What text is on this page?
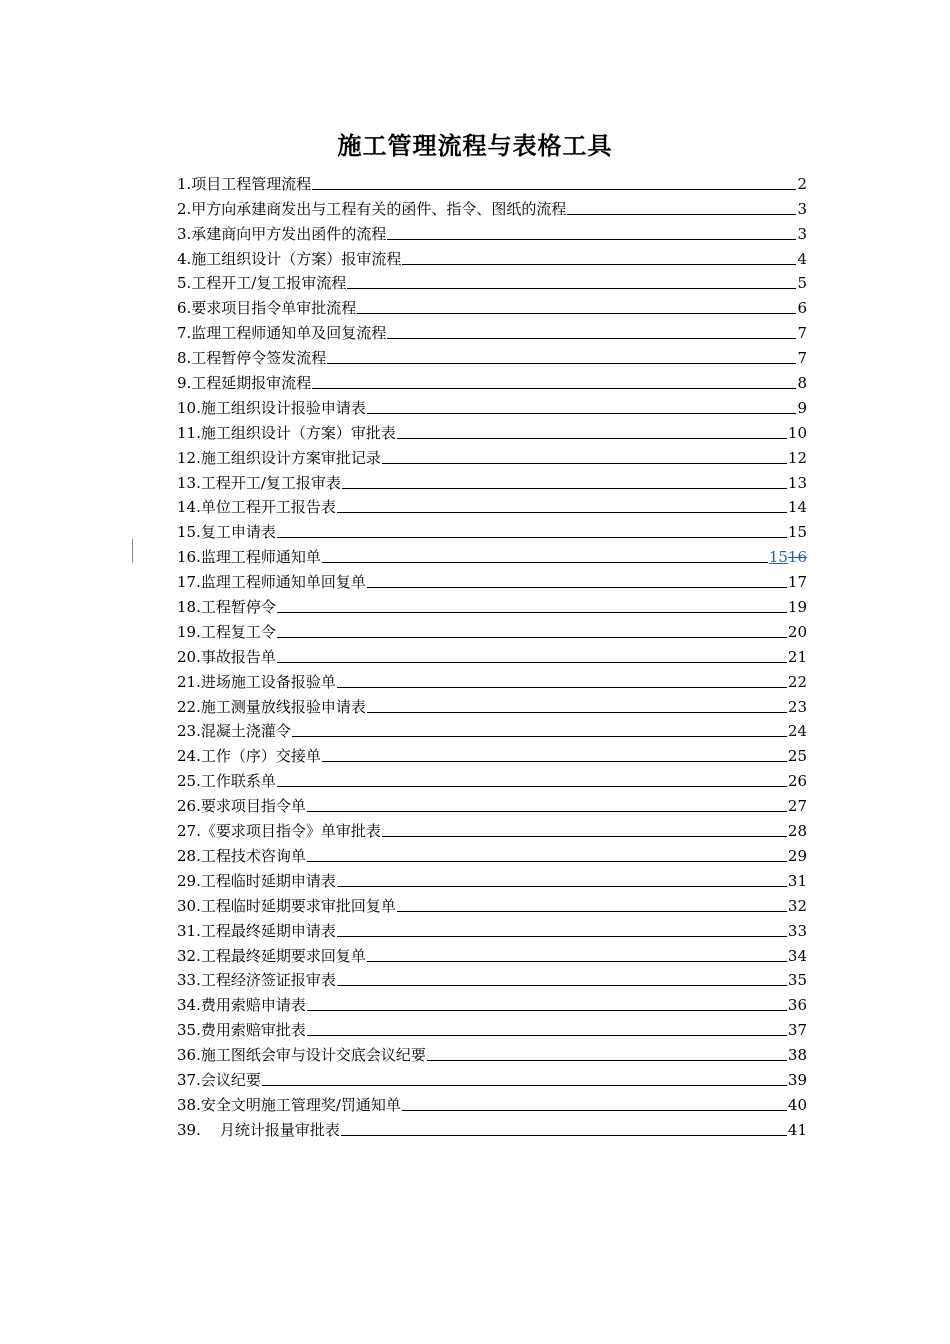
施工管理流程与表格工具
1.项目工程管理流程	2
2.甲方向承建商发出与工程有关的函件、指令、图纸的流程	3
3.承建商向甲方发出函件的流程	3
4.施工组织设计（方案）报审流程	4
5.工程开工/复工报审流程	5
6.要求项目指令单审批流程	6
7.监理工程师通知单及回复流程	7
8.工程暂停令签发流程	7
9.工程延期报审流程	8
10.施工组织设计报验申请表	9
11.施工组织设计（方案）审批表	10
12.施工组织设计方案审批记录	12
13.工程开工/复工报审表	13
14.单位工程开工报告表	14
15.复工申请表	15
16.监理工程师通知单	1516
17.监理工程师通知单回复单	17
18.工程暂停令	19
19.工程复工令	20
20.事故报告单	21
21.进场施工设备报验单	22
22.施工测量放线报验申请表	23
23.混凝土浇灌令	24
24.工作（序）交接单	25
25.工作联系单	26
26.要求项目指令单	27
27.《要求项目指令》单审批表	28
28.工程技术咨询单	29
29.工程临时延期申请表	31
30.工程临时延期要求审批回复单	32
31.工程最终延期申请表	33
32.工程最终延期要求回复单	34
33.工程经济签证报审表	35
34.费用索赔申请表	36
35.费用索赔审批表	37
36.施工图纸会审与设计交底会议纪要	38
37.会议纪要	39
38.安全文明施工管理奖/罚通知单	40
39.    月统计报量审批表	41
